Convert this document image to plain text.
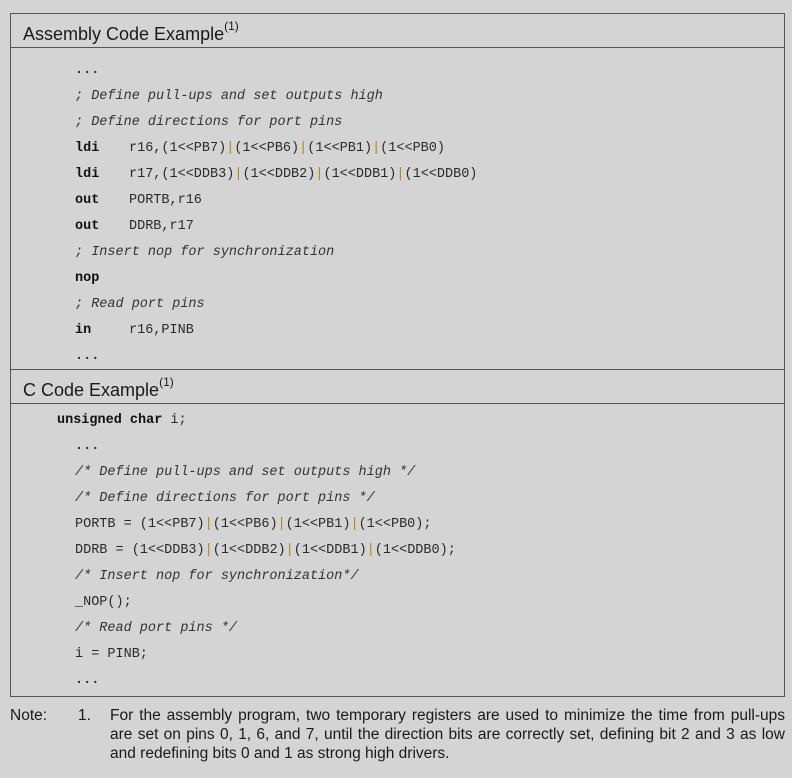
Assembly Code Example$^{(1)}$
...
; Define pull-ups and set outputs high
; Define directions for port pins
ldi r16,(1<<PB7)|(1<<PB6)|(1<<PB1)|(1<<PB0)
ldi r17,(1<<DDB3)|(1<<DDB2)|(1<<DDB1)|(1<<DDB0)
out PORTB,r16
out DDRB,r17
; Insert nop for synchronization
nop
; Read port pins
in	r16,PINB
...
C Code Example$^{(1)}$
unsigned char i;
...
/* Define pull-ups and set outputs high */
/* Define directions for port pins */
PORTB = (1<<PB7)|(1<<PB6)|(1<<PB1)|(1<<PB0);
DDRB = (1<<DDB3)|(1<<DDB2)|(1<<DDB1)|(1<<DDB0);
/* Insert nop for synchronization*/
_NOP();
/* Read port pins */
i = PINB;
...
Note: 1. For the assembly program, two temporary registers are used to minimize the time from pull-ups are set on pins 0, 1, 6, and 7, until the direction bits are correctly set, defining bit 2 and 3 as low and redefining bits 0 and 1 as strong high drivers.
